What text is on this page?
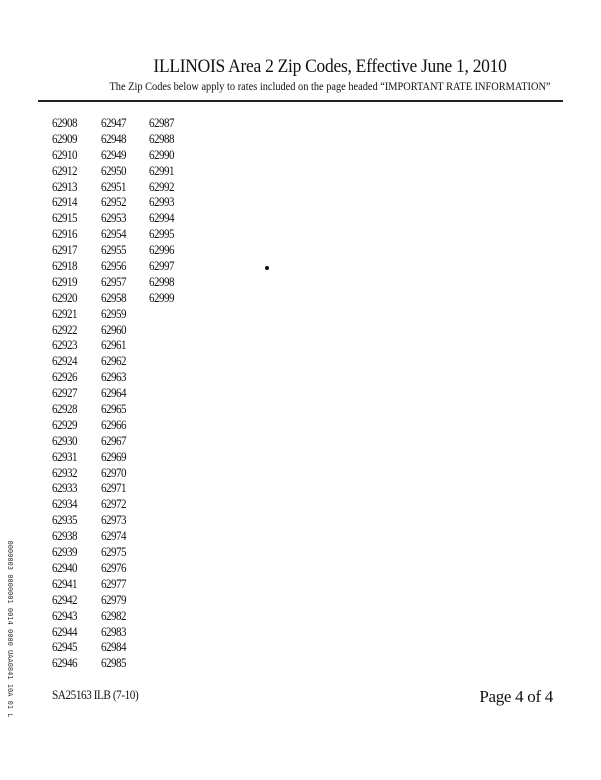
ILLINOIS Area 2 Zip Codes, Effective June 1, 2010
The Zip Codes below apply to rates included on the page headed “IMPORTANT RATE INFORMATION”
62908
62909
62910
62912
62913
62914
62915
62916
62917
62918
62919
62920
62921
62922
62923
62924
62926
62927
62928
62929
62930
62931
62932
62933
62934
62935
62938
62939
62940
62941
62942
62943
62944
62945
62946
62947
62948
62949
62950
62951
62952
62953
62954
62955
62956
62957
62958
62959
62960
62961
62962
62963
62964
62965
62966
62967
62969
62970
62971
62972
62973
62974
62975
62976
62977
62979
62982
62983
62984
62985
62987
62988
62990
62991
62992
62993
62994
62995
62996
62997
62998
62999
SA25163 ILB (7-10)	Page 4 of 4
0000003 0000001 0014 0000 UAA0841 10A 01 L
